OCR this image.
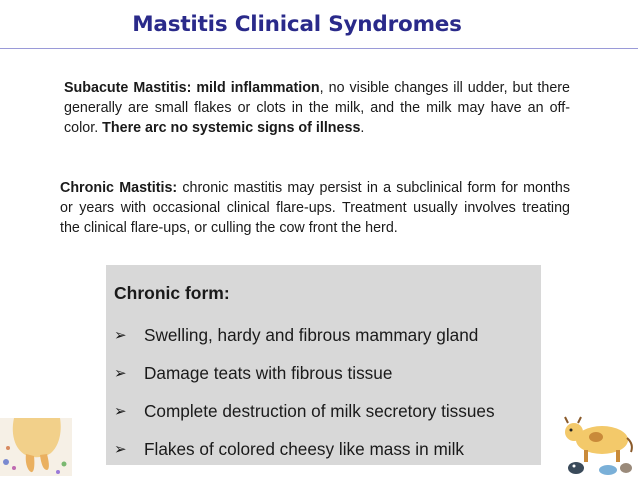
Mastitis Clinical Syndromes
Subacute Mastitis: mild inflammation, no visible changes ill udder, but there generally are small flakes or clots in the milk, and the milk may have an off-color. There arc no systemic signs of illness.
Chronic Mastitis: chronic mastitis may persist in a subclinical form for months or years with occasional clinical flare-ups. Treatment usually involves treating the clinical flare-ups, or culling the cow front the herd.
Chronic form:
➢	Swelling, hardy and fibrous mammary gland
➢	Damage teats with fibrous tissue
➢	Complete destruction of milk secretory tissues
➢	Flakes of colored cheesy like mass in milk
